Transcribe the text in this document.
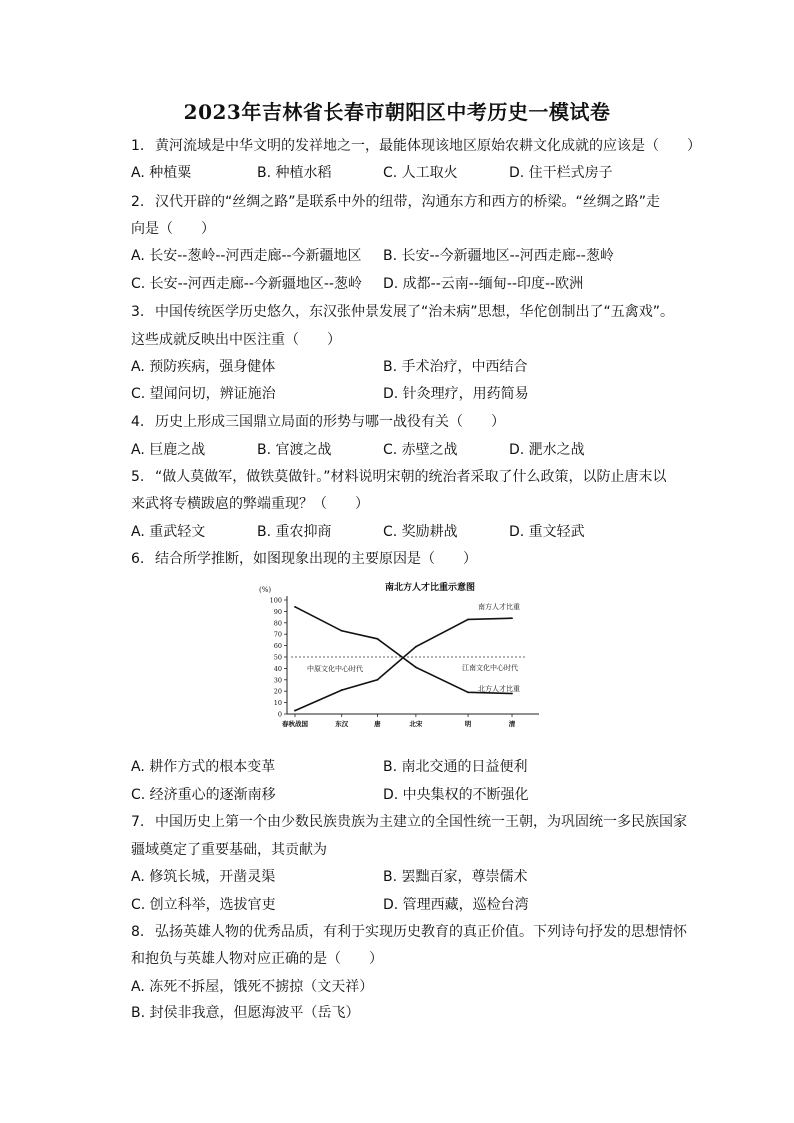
2023年吉林省长春市朝阳区中考历史一模试卷
1. 黄河流域是中华文明的发祥地之一，最能体现该地区原始农耕文化成就的应该是（　　）
A. 种植粟	B. 种植水稻	C. 人工取火	D. 住干栏式房子
2. 汉代开辟的“丝绸之路”是联系中外的纽带，沟通东方和西方的桥梁。“丝绸之路”走
向是（　　）
A. 长安--葱岭--河西走廊--今新疆地区 B. 长安--今新疆地区--河西走廊--葱岭
C. 长安--河西走廊--今新疆地区--葱岭 D. 成都--云南--缅甸--印度--欧洲
3. 中国传统医学历史悠久，东汉张仲景发展了“治未病”思想，华佗创制出了“五禽戏”。
这些成就反映出中医注重（　　）
A. 预防疾病，强身健体	B. 手术治疗，中西结合
C. 望闻问切，辨证施治	D. 针灸理疗，用药简易
4. 历史上形成三国鼎立局面的形势与哪一战役有关（　　）
A. 巨鹿之战	B. 官渡之战	C. 赤壁之战	D. 淝水之战
5. “做人莫做军，做铁莫做针。”材料说明宋朝的统治者采取了什么政策，以防止唐末以
来武将专横跋扈的弊端重现？（　　）
A. 重武轻文	B. 重农抑商	C. 奖励耕战	D. 重文轻武
6. 结合所学推断，如图现象出现的主要原因是（　　）
A. 耕作方式的根本变革	B. 南北交通的日益便利
C. 经济重心的逐渐南移	D. 中央集权的不断强化
7. 中国历史上第一个由少数民族贵族为主建立的全国性统一王朝，为巩固统一多民族国家
疆域奠定了重要基础，其贡献为
A. 修筑长城，开凿灵渠	B. 罢黜百家，尊崇儒术
C. 创立科举，选拔官吏	D. 管理西藏，巡检台湾
8. 弘扬英雄人物的优秀品质，有利于实现历史教育的真正价值。下列诗句抒发的思想情怀
和抱负与英雄人物对应正确的是（　　）
A. 冻死不拆屋，饿死不掳掠（文天祥）
B. 封侯非我意，但愿海波平（岳飞）
南北方人才比重示意图
(%)
0
10
20
30
40
50
60
70
80
90
100
春秋战国	东汉	唐	北宋	明	清
南方人才比重
北方人才比重
中原文化中心时代	江南文化中心时代
